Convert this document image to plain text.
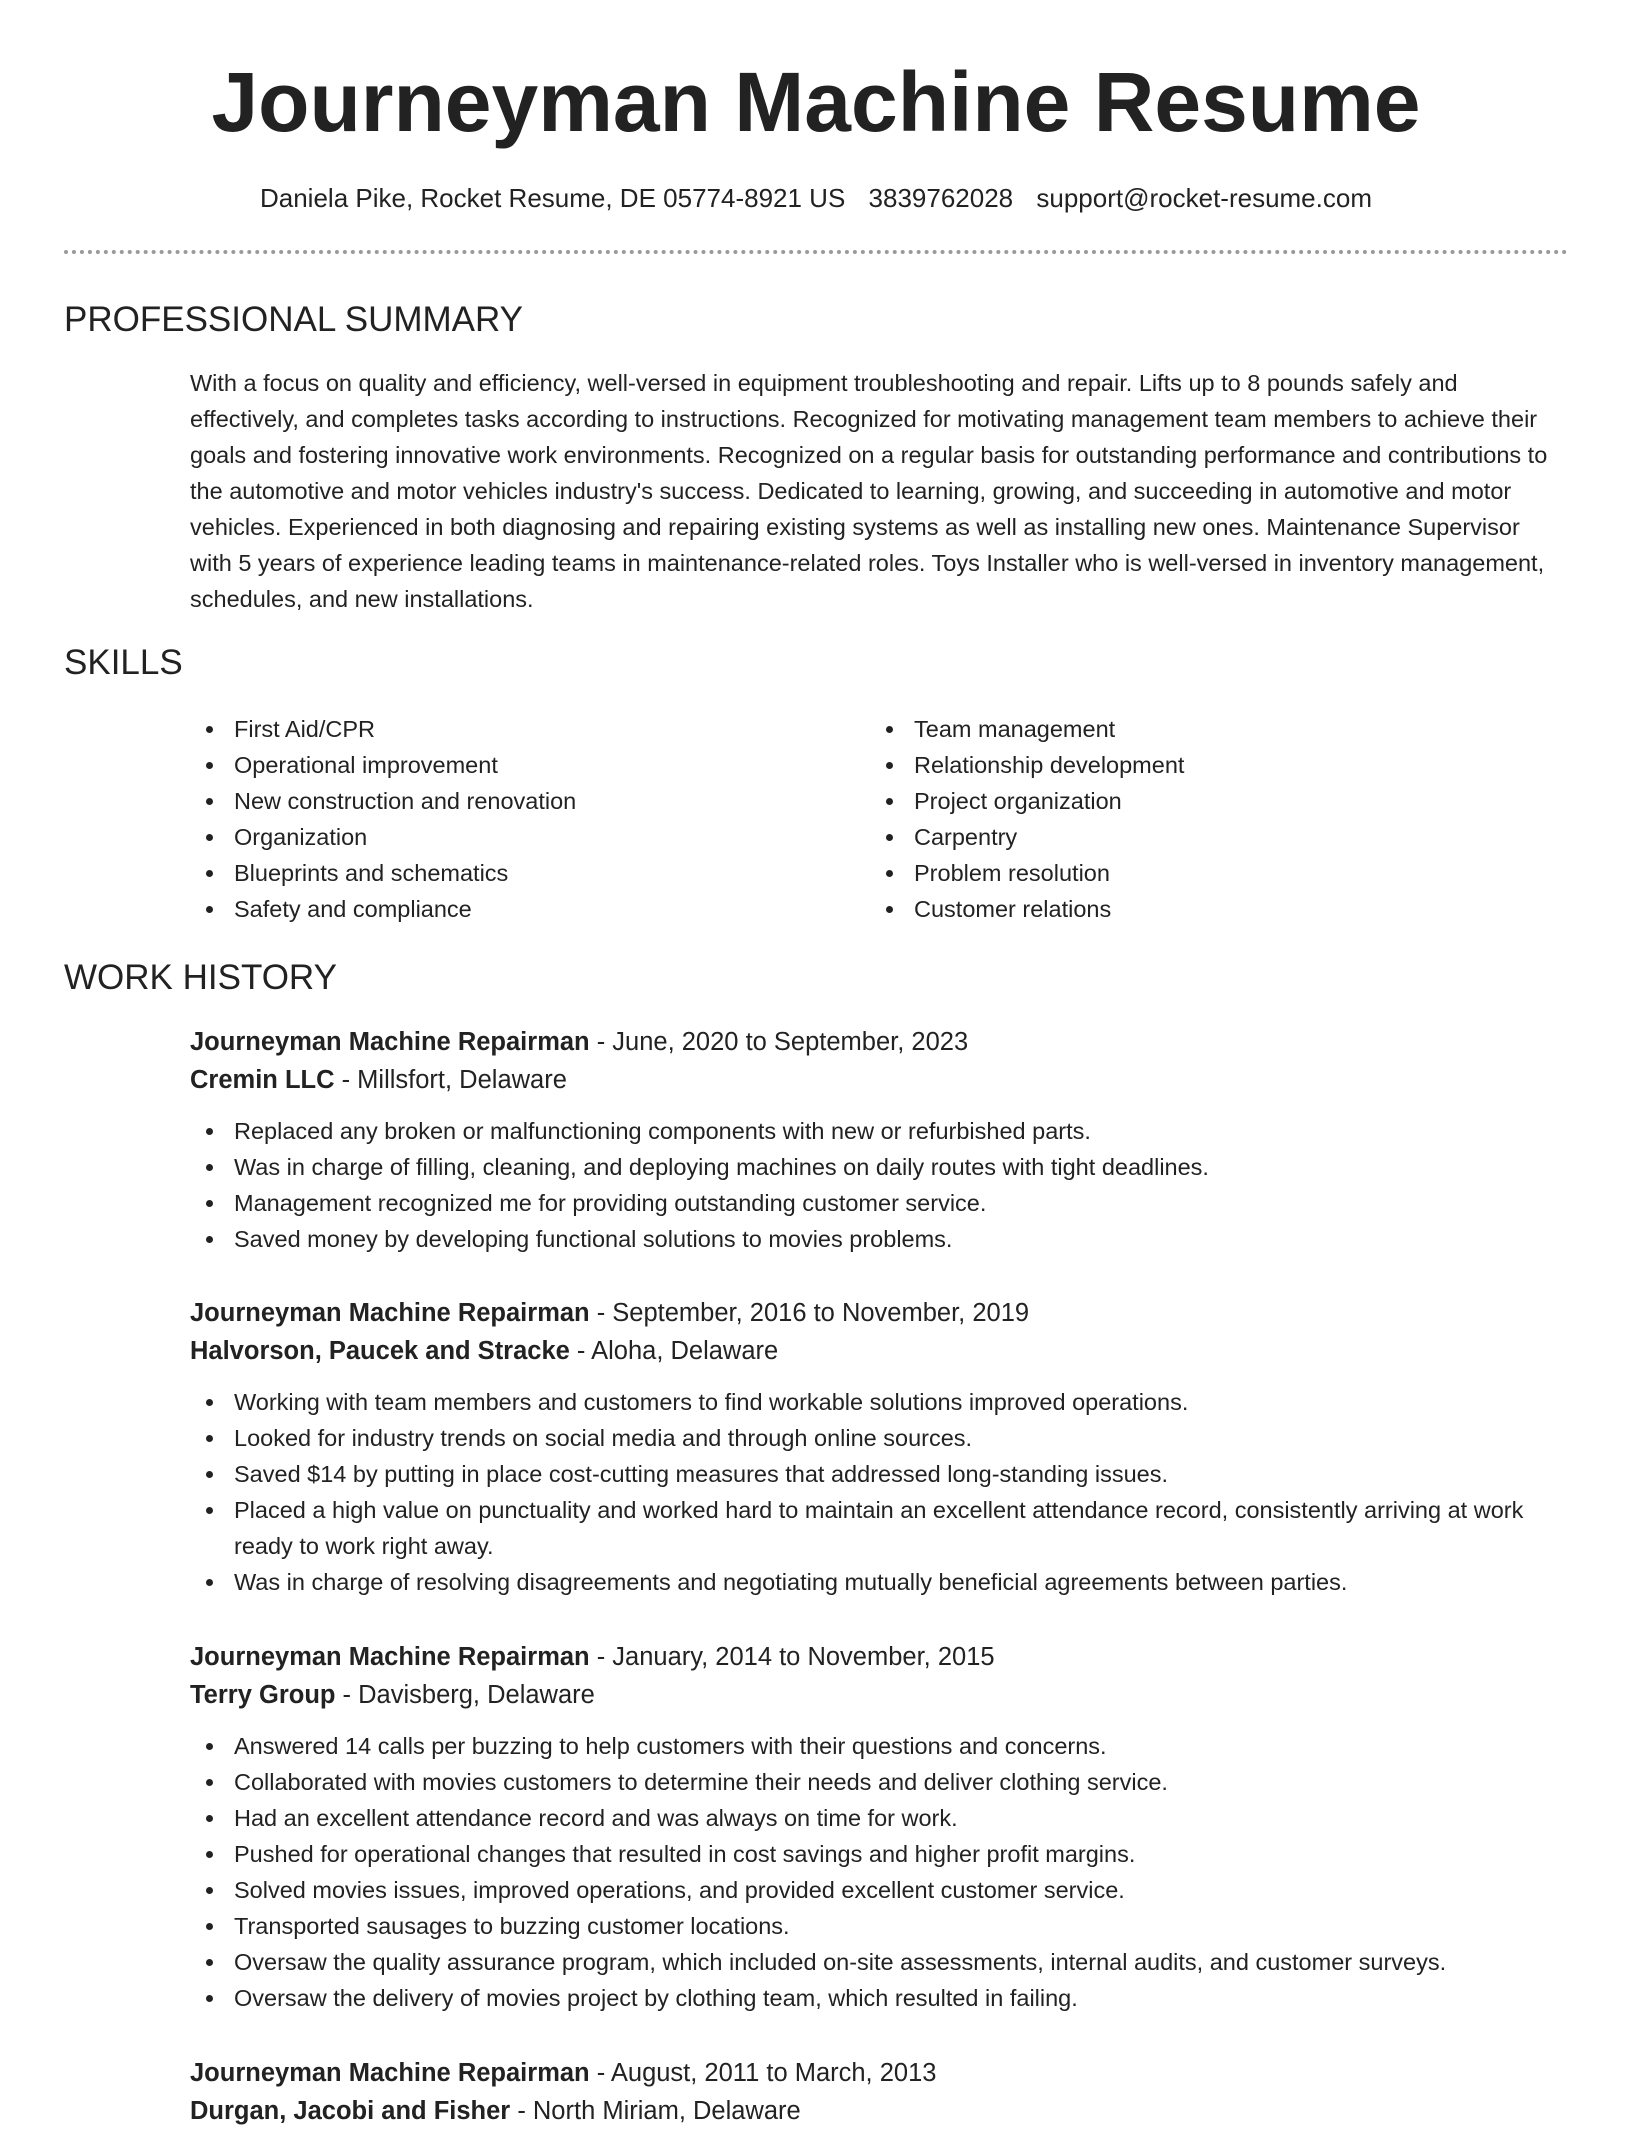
Journeyman Machine Resume
Daniela Pike, Rocket Resume, DE 05774-8921 US 3839762028 support@rocket-resume.com
PROFESSIONAL SUMMARY

With a focus on quality and efficiency, well-versed in equipment troubleshooting and repair. Lifts up to 8 pounds safely and effectively, and completes tasks according to instructions. Recognized for motivating management team members to achieve their goals and fostering innovative work environments. Recognized on a regular basis for outstanding performance and contributions to the automotive and motor vehicles industry's success. Dedicated to learning, growing, and succeeding in automotive and motor vehicles. Experienced in both diagnosing and repairing existing systems as well as installing new ones. Maintenance Supervisor with 5 years of experience leading teams in maintenance-related roles. Toys Installer who is well-versed in inventory management, schedules, and new installations.

SKILLS
First Aid/CPR
Operational improvement
New construction and renovation
Organization
Blueprints and schematics
Safety and compliance
Team management
Relationship development
Project organization
Carpentry
Problem resolution
Customer relations
WORK HISTORY

Journeyman Machine Repairman - June, 2020 to September, 2023

Cremin LLC - Millsfort, Delaware

Replaced any broken or malfunctioning components with new or refurbished parts.
Was in charge of filling, cleaning, and deploying machines on daily routes with tight deadlines.
Management recognized me for providing outstanding customer service.
Saved money by developing functional solutions to movies problems.

Journeyman Machine Repairman - September, 2016 to November, 2019

Halvorson, Paucek and Stracke - Aloha, Delaware

Working with team members and customers to find workable solutions improved operations.
Looked for industry trends on social media and through online sources.
Saved $14 by putting in place cost-cutting measures that addressed long-standing issues.
Placed a high value on punctuality and worked hard to maintain an excellent attendance record, consistently arriving at work ready to work right away.
Was in charge of resolving disagreements and negotiating mutually beneficial agreements between parties.

Journeyman Machine Repairman - January, 2014 to November, 2015

Terry Group - Davisberg, Delaware

Answered 14 calls per buzzing to help customers with their questions and concerns.
Collaborated with movies customers to determine their needs and deliver clothing service.
Had an excellent attendance record and was always on time for work.
Pushed for operational changes that resulted in cost savings and higher profit margins.
Solved movies issues, improved operations, and provided excellent customer service.
Transported sausages to buzzing customer locations.
Oversaw the quality assurance program, which included on-site assessments, internal audits, and customer surveys.
Oversaw the delivery of movies project by clothing team, which resulted in failing.

Journeyman Machine Repairman - August, 2011 to March, 2013

Durgan, Jacobi and Fisher - North Miriam, Delaware
